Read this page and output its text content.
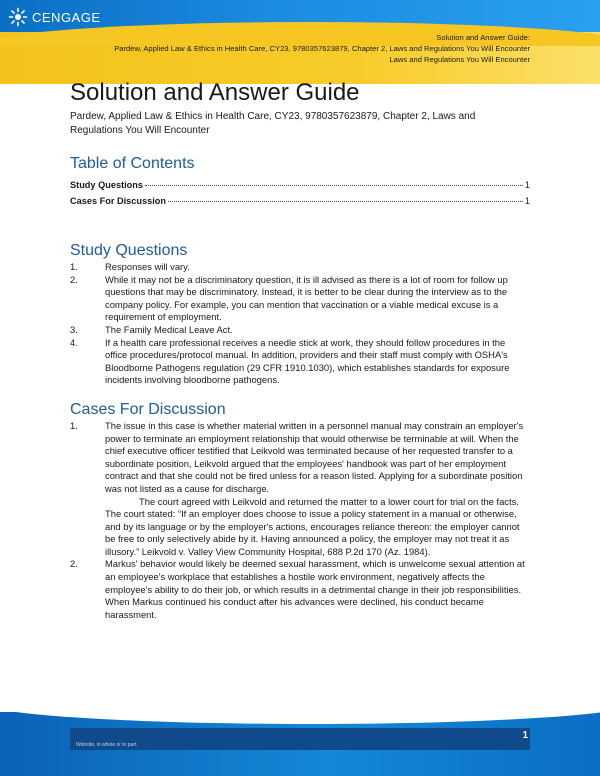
CENGAGE
Solution and Answer Guide:
Pardew, Applied Law & Ethics in Health Care, CY23, 9780357623879, Chapter 2, Laws and Regulations You Will Encounter
Laws and Regulations You Will Encounter
Solution and Answer Guide
Pardew, Applied Law & Ethics in Health Care, CY23, 9780357623879, Chapter 2, Laws and Regulations You Will Encounter
Table of Contents
Study Questions	1
Cases For Discussion	1
Study Questions
1.	Responses will vary.
2.	While it may not be a discriminatory question, it is ill advised as there is a lot of room for follow up questions that may be discriminatory. Instead, it is better to be clear during the interview as to the company policy. For example, you can mention that vaccination or a viable medical excuse is a requirement of employment.
3.	The Family Medical Leave Act.
4.	If a health care professional receives a needle stick at work, they should follow procedures in the office procedures/protocol manual. In addition, providers and their staff must comply with OSHA's Bloodborne Pathogens regulation (29 CFR 1910.1030), which establishes standards for exposure incidents involving bloodborne pathogens.
Cases For Discussion
1.	The issue in this case is whether material written in a personnel manual may constrain an employer's power to terminate an employment relationship that would otherwise be terminable at will. When the chief executive officer testified that Leikvold was terminated because of her requested transfer to a subordinate position, Leikvold argued that the employees' handbook was part of her employment contract and that she could not be fired unless for a reason listed. Applying for a subordinate position was not listed as a cause for discharge.
The court agreed with Leikvold and returned the matter to a lower court for trial on the facts. The court stated: “If an employer does choose to issue a policy statement in a manual or otherwise, and by its language or by the employer's actions, encourages reliance thereon: the employer cannot be free to only selectively abide by it. Having announced a policy, the employer may not treat it as illusory.” Leikvold v. Valley View Community Hospital, 688 P.2d 170 (Az. 1984).
2.	Markus' behavior would likely be deemed sexual harassment, which is unwelcome sexual attention at an employee's workplace that establishes a hostile work environment, negatively affects the employee's ability to do their job, or which results in a detrimental change in their job responsibilities. When Markus continued his conduct after his advances were declined, his conduct became harassment.
Website, in whole or in part.
1
